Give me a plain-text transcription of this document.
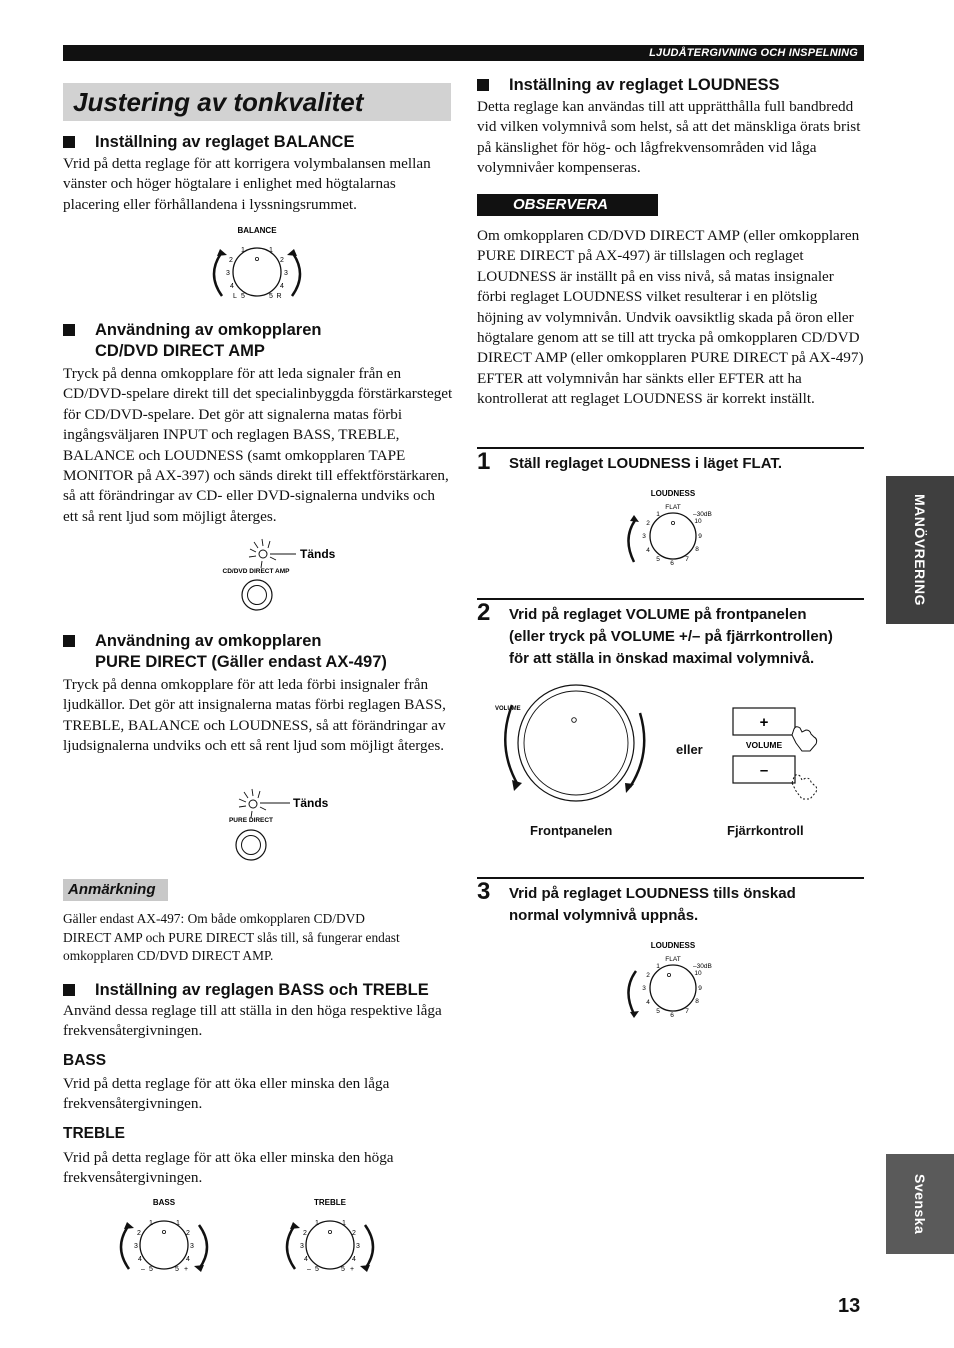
LJUDÅTERGIVNING OCH INSPELNING
Justering av tonkvalitet
Inställning av reglaget BALANCE
Vrid på detta reglage för att korrigera volymbalansen mellan vänster och höger högtalare i enlighet med högtalarnas placering eller förhållandena i lyssningsrummet.
BALANCE
1	1
2	2
3	3
4	4
5	5
L	R
Användning av omkopplaren
CD/DVD DIRECT AMP
Tryck på denna omkopplare för att leda signaler från en CD/DVD-spelare direkt till det specialinbyggda förstärkarsteget för CD/DVD-spelare. Det gör att signalerna matas förbi ingångsväljaren INPUT och reglagen BASS, TREBLE, BALANCE och LOUDNESS (samt omkopplaren TAPE MONITOR på AX-397) och sänds direkt till effektförstärkaren, så att förändringar av CD- eller DVD-signalerna undviks och ett så rent ljud som möjligt återges.
Tänds
CD/DVD DIRECT AMP
Användning av omkopplaren
PURE DIRECT (Gäller endast AX-497)
Tryck på denna omkopplare för att leda förbi insignaler från ljudkällor. Det gör att insignalerna matas förbi reglagen BASS, TREBLE, BALANCE och LOUDNESS, så att förändringar av ljudsignalerna undviks och ett så rent ljud som möjligt återges.
Tänds
PURE DIRECT
Anmärkning
Gäller endast AX-497: Om både omkopplaren CD/DVD DIRECT AMP och PURE DIRECT slås till, så fungerar endast omkopplaren CD/DVD DIRECT AMP.
Inställning av reglagen BASS och TREBLE
Använd dessa reglage till att ställa in den höga respektive låga frekvensåtergivningen.
BASS
Vrid på detta reglage för att öka eller minska den låga frekvensåtergivningen.
TREBLE
Vrid på detta reglage för att öka eller minska den höga frekvensåtergivningen.
BASS
1	1
2	2
3	3
4	4
5	5
–	+
TREBLE
1	1
2	2
3	3
4	4
5	5
–	+
Inställning av reglaget LOUDNESS
Detta reglage kan användas till att upprätthålla full bandbredd vid vilken volymnivå som helst, så att det mänskliga örats brist på känslighet för hög- och lågfrekvensområden vid låga volymnivåer kompenseras.
OBSERVERA
Om omkopplaren CD/DVD DIRECT AMP (eller omkopplaren PURE DIRECT på AX-497) är tillslagen och reglaget LOUDNESS är inställt på en viss nivå, så matas insignaler förbi reglaget LOUDNESS vilket resulterar i en plötslig höjning av volymnivån. Undvik oavsiktlig skada på öron eller högtalare genom att se till att trycka på omkopplaren CD/DVD DIRECT AMP (eller omkopplaren PURE DIRECT på AX-497) EFTER att volymnivån har sänkts eller EFTER att ha kontrollerat att reglaget LOUDNESS är korrekt inställt.
1 Ställ reglaget LOUDNESS i läget FLAT.
LOUDNESS
FLAT
–30dB
1
2
3
4
5
6
7
8
9
10
2 Vrid på reglaget VOLUME på frontpanelen
(eller tryck på VOLUME +/– på fjärrkontrollen)
för att ställa in önskad maximal volymnivå.
VOLUME
eller
+
VOLUME
–
Frontpanelen	Fjärrkontroll
3 Vrid på reglaget LOUDNESS tills önskad
normal volymnivå uppnås.
LOUDNESS
FLAT
–30dB
1
2
3
4
5
6
7
8
9
10
MANÖVRERING
Svenska
13
